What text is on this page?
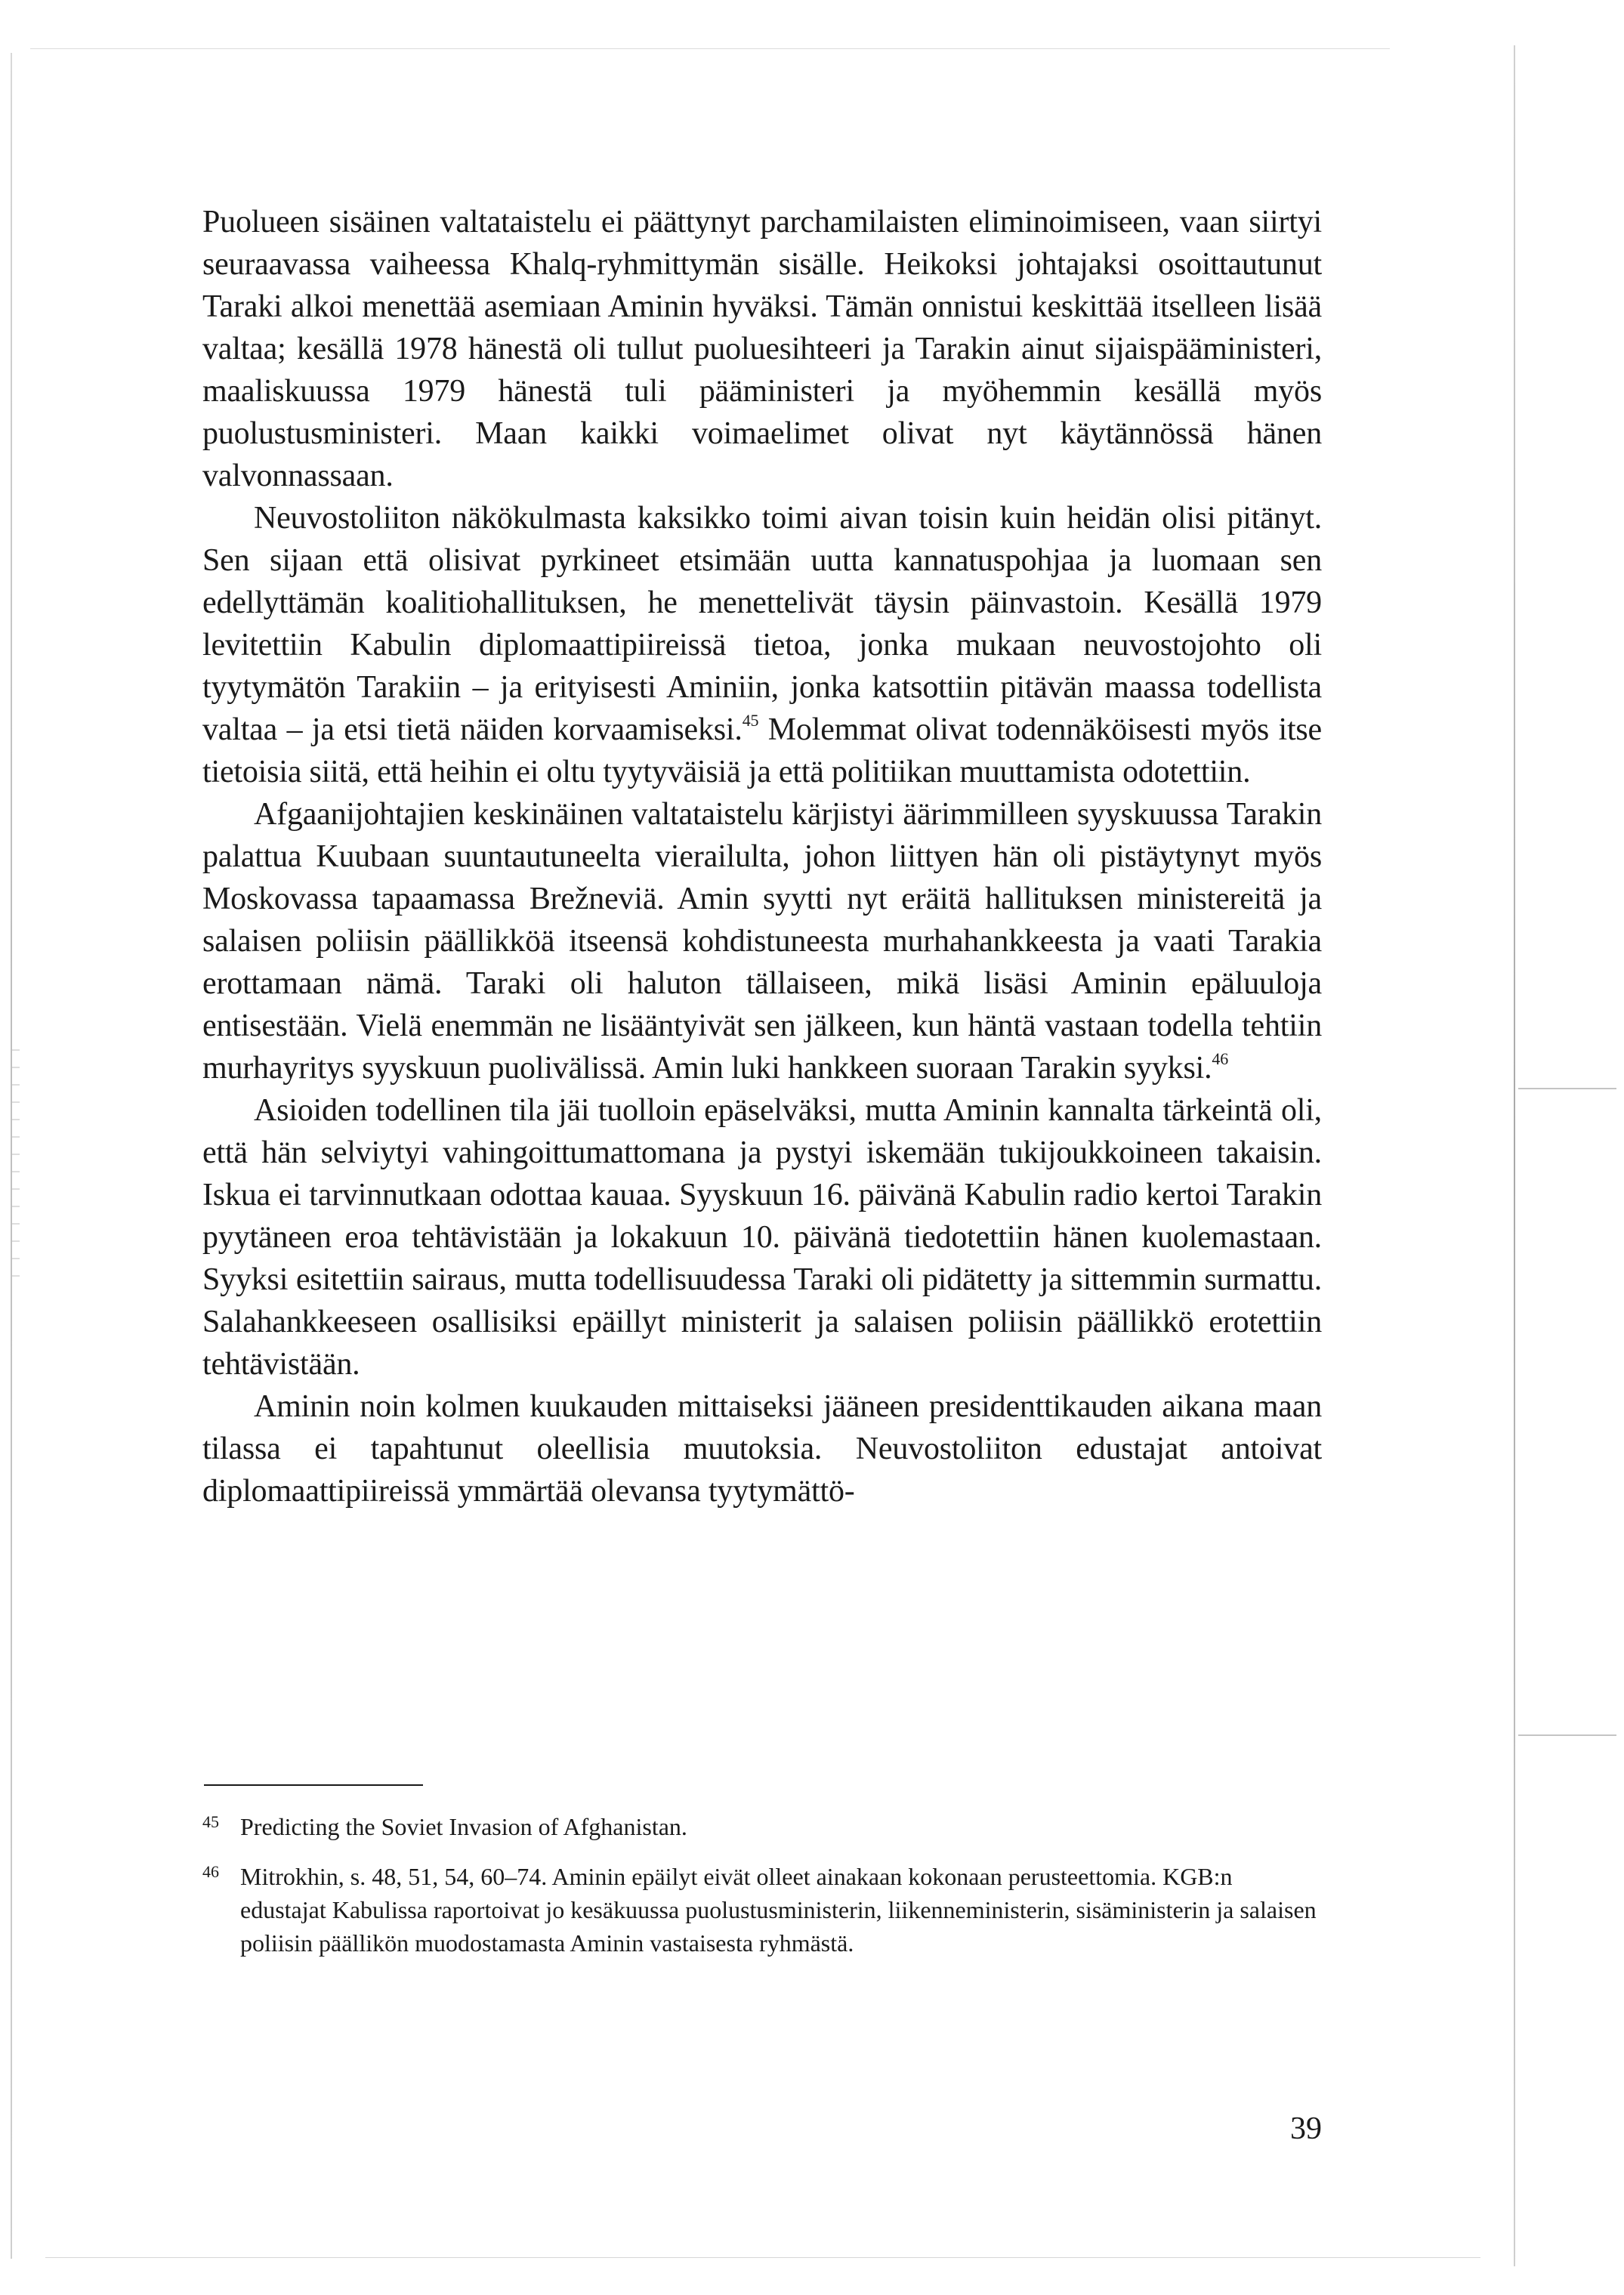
Puolueen sisäinen valtataistelu ei päättynyt parchamilaisten eliminoimiseen, vaan siirtyi seuraavassa vaiheessa Khalq-ryhmittymän sisälle. Heikoksi johtajaksi osoittautunut Taraki alkoi menettää asemiaan Aminin hyväksi. Tämän onnistui keskittää itselleen lisää valtaa; kesällä 1978 hänestä oli tullut puoluesihteeri ja Tarakin ainut sijaispääministeri, maaliskuussa 1979 hänestä tuli pääministeri ja myöhemmin kesällä myös puolustusministeri. Maan kaikki voimaelimet olivat nyt käytännössä hänen valvonnassaan.

Neuvostoliiton näkökulmasta kaksikko toimi aivan toisin kuin heidän olisi pitänyt. Sen sijaan että olisivat pyrkineet etsimään uutta kannatuspohjaa ja luomaan sen edellyttämän koalitiohallituksen, he menettelivät täysin päinvastoin. Kesällä 1979 levitettiin Kabulin diplomaattipiireissä tietoa, jonka mukaan neuvostojohto oli tyytymätön Tarakiin – ja erityisesti Aminiin, jonka katsottiin pitävän maassa todellista valtaa – ja etsi tietä näiden korvaamiseksi.$^{45}$ Molemmat olivat todennäköisesti myös itse tietoisia siitä, että heihin ei oltu tyytyväisiä ja että politiikan muuttamista odotettiin.

Afgaanijohtajien keskinäinen valtataistelu kärjistyi äärimmilleen syyskuussa Tarakin palattua Kuubaan suuntautuneelta vierailulta, johon liittyen hän oli pistäytynyt myös Moskovassa tapaamassa Brežneviä. Amin syytti nyt eräitä hallituksen ministereitä ja salaisen poliisin päällikköä itseensä kohdistuneesta murhahankkeesta ja vaati Tarakia erottamaan nämä. Taraki oli haluton tällaiseen, mikä lisäsi Aminin epäluuloja entisestään. Vielä enemmän ne lisääntyivät sen jälkeen, kun häntä vastaan todella tehtiin murhayritys syyskuun puolivälissä. Amin luki hankkeen suoraan Tarakin syyksi.$^{46}$

Asioiden todellinen tila jäi tuolloin epäselväksi, mutta Aminin kannalta tärkeintä oli, että hän selviytyi vahingoittumattomana ja pystyi iskemään tukijoukkoineen takaisin. Iskua ei tarvinnutkaan odottaa kauaa. Syyskuun 16. päivänä Kabulin radio kertoi Tarakin pyytäneen eroa tehtävistään ja lokakuun 10. päivänä tiedotettiin hänen kuolemastaan. Syyksi esitettiin sairaus, mutta todellisuudessa Taraki oli pidätetty ja sittemmin surmattu. Salahankkeeseen osallisiksi epäillyt ministerit ja salaisen poliisin päällikkö erotettiin tehtävistään.

Aminin noin kolmen kuukauden mittaiseksi jääneen presidenttikauden aikana maan tilassa ei tapahtunut oleellisia muutoksia. Neuvostoliiton edustajat antoivat diplomaattipiireissä ymmärtää olevansa tyytymättö-

45 Predicting the Soviet Invasion of Afghanistan.
46 Mitrokhin, s. 48, 51, 54, 60–74. Aminin epäilyt eivät olleet ainakaan kokonaan perusteettomia. KGB:n edustajat Kabulissa raportoivat jo kesäkuussa puolustusministerin, liikenneministerin, sisäministerin ja salaisen poliisin päällikön muodostamasta Aminin vastaisesta ryhmästä.
39
